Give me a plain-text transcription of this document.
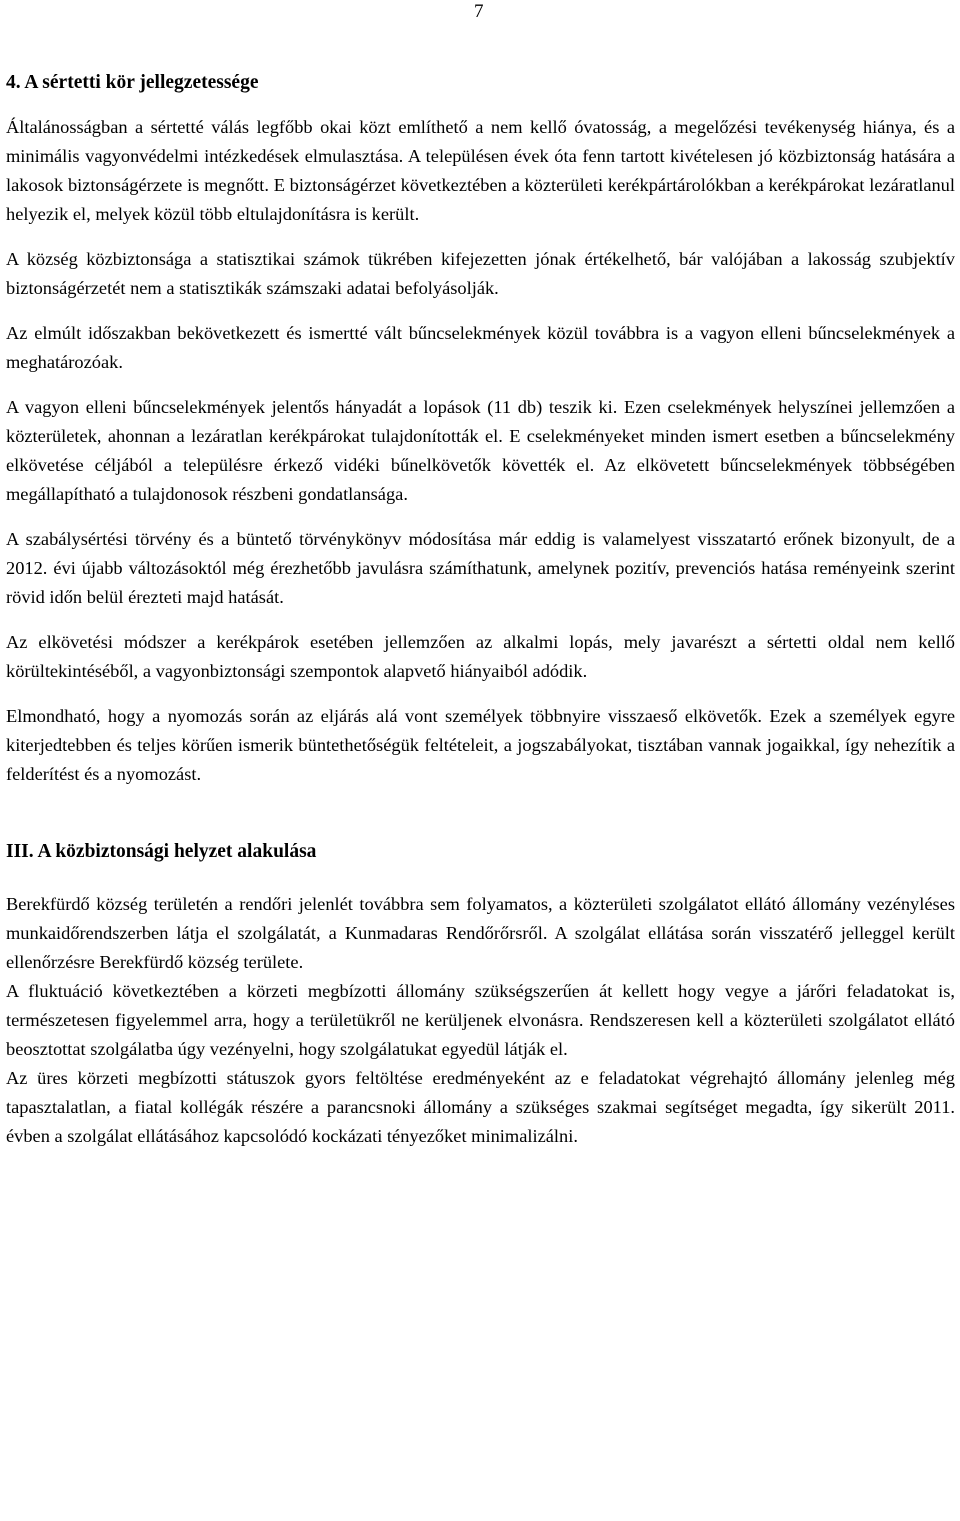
7
4. A sértetti kör jellegzetessége
Általánosságban a sértetté válás legfőbb okai közt említhető a nem kellő óvatosság, a megelőzési tevékenység hiánya, és a minimális vagyonvédelmi intézkedések elmulasztása. A településen évek óta fenn tartott kivételesen jó közbiztonság hatására a lakosok biztonságérzete is megnőtt. E biztonságérzet következtében a közterületi kerékpártárolókban a kerékpárokat lezáratlanul helyezik el, melyek közül több eltulajdonításra is került.
A község közbiztonsága a statisztikai számok tükrében kifejezetten jónak értékelhető, bár valójában a lakosság szubjektív biztonságérzetét nem a statisztikák számszaki adatai befolyásolják.
Az elmúlt időszakban bekövetkezett és ismertté vált bűncselekmények közül továbbra is a vagyon elleni bűncselekmények a meghatározóak.
A vagyon elleni bűncselekmények jelentős hányadát a lopások (11 db) teszik ki. Ezen cselekmények helyszínei jellemzően a közterületek, ahonnan a lezáratlan kerékpárokat tulajdonították el. E cselekményeket minden ismert esetben a bűncselekmény elkövetése céljából a településre érkező vidéki bűnelkövetők követték el. Az elkövetett bűncselekmények többségében megállapítható a tulajdonosok részbeni gondatlansága.
A szabálysértési törvény és a büntető törvénykönyv módosítása már eddig is valamelyest visszatartó erőnek bizonyult, de a 2012. évi újabb változásoktól még érezhetőbb javulásra számíthatunk, amelynek pozitív, prevenciós hatása reményeink szerint rövid időn belül érezteti majd hatását.
Az elkövetési módszer a kerékpárok esetében jellemzően az alkalmi lopás, mely javarészt a sértetti oldal nem kellő körültekintéséből, a vagyonbiztonsági szempontok alapvető hiányaiból adódik.
Elmondható, hogy a nyomozás során az eljárás alá vont személyek többnyire visszaeső elkövetők. Ezek a személyek egyre kiterjedtebben és teljes körűen ismerik büntethetőségük feltételeit, a jogszabályokat, tisztában vannak jogaikkal, így nehezítik a felderítést és a nyomozást.
III. A közbiztonsági helyzet alakulása
Berekfürdő község területén a rendőri jelenlét továbbra sem folyamatos, a közterületi szolgálatot ellátó állomány vezényléses munkaidőrendszerben látja el szolgálatát, a Kunmadaras Rendőrőrsről. A szolgálat ellátása során visszatérő jelleggel került ellenőrzésre Berekfürdő község területe.
A fluktuáció következtében a körzeti megbízotti állomány szükségszerűen át kellett hogy vegye a járőri feladatokat is, természetesen figyelemmel arra, hogy a területükről ne kerüljenek elvonásra. Rendszeresen kell a közterületi szolgálatot ellátó beosztottat szolgálatba úgy vezényelni, hogy szolgálatukat egyedül látják el.
Az üres körzeti megbízotti státuszok gyors feltöltése eredményeként az e feladatokat végrehajtó állomány jelenleg még tapasztalatlan, a fiatal kollégák részére a parancsnoki állomány a szükséges szakmai segítséget megadta, így sikerült 2011. évben a szolgálat ellátásához kapcsolódó kockázati tényezőket minimalizálni.
